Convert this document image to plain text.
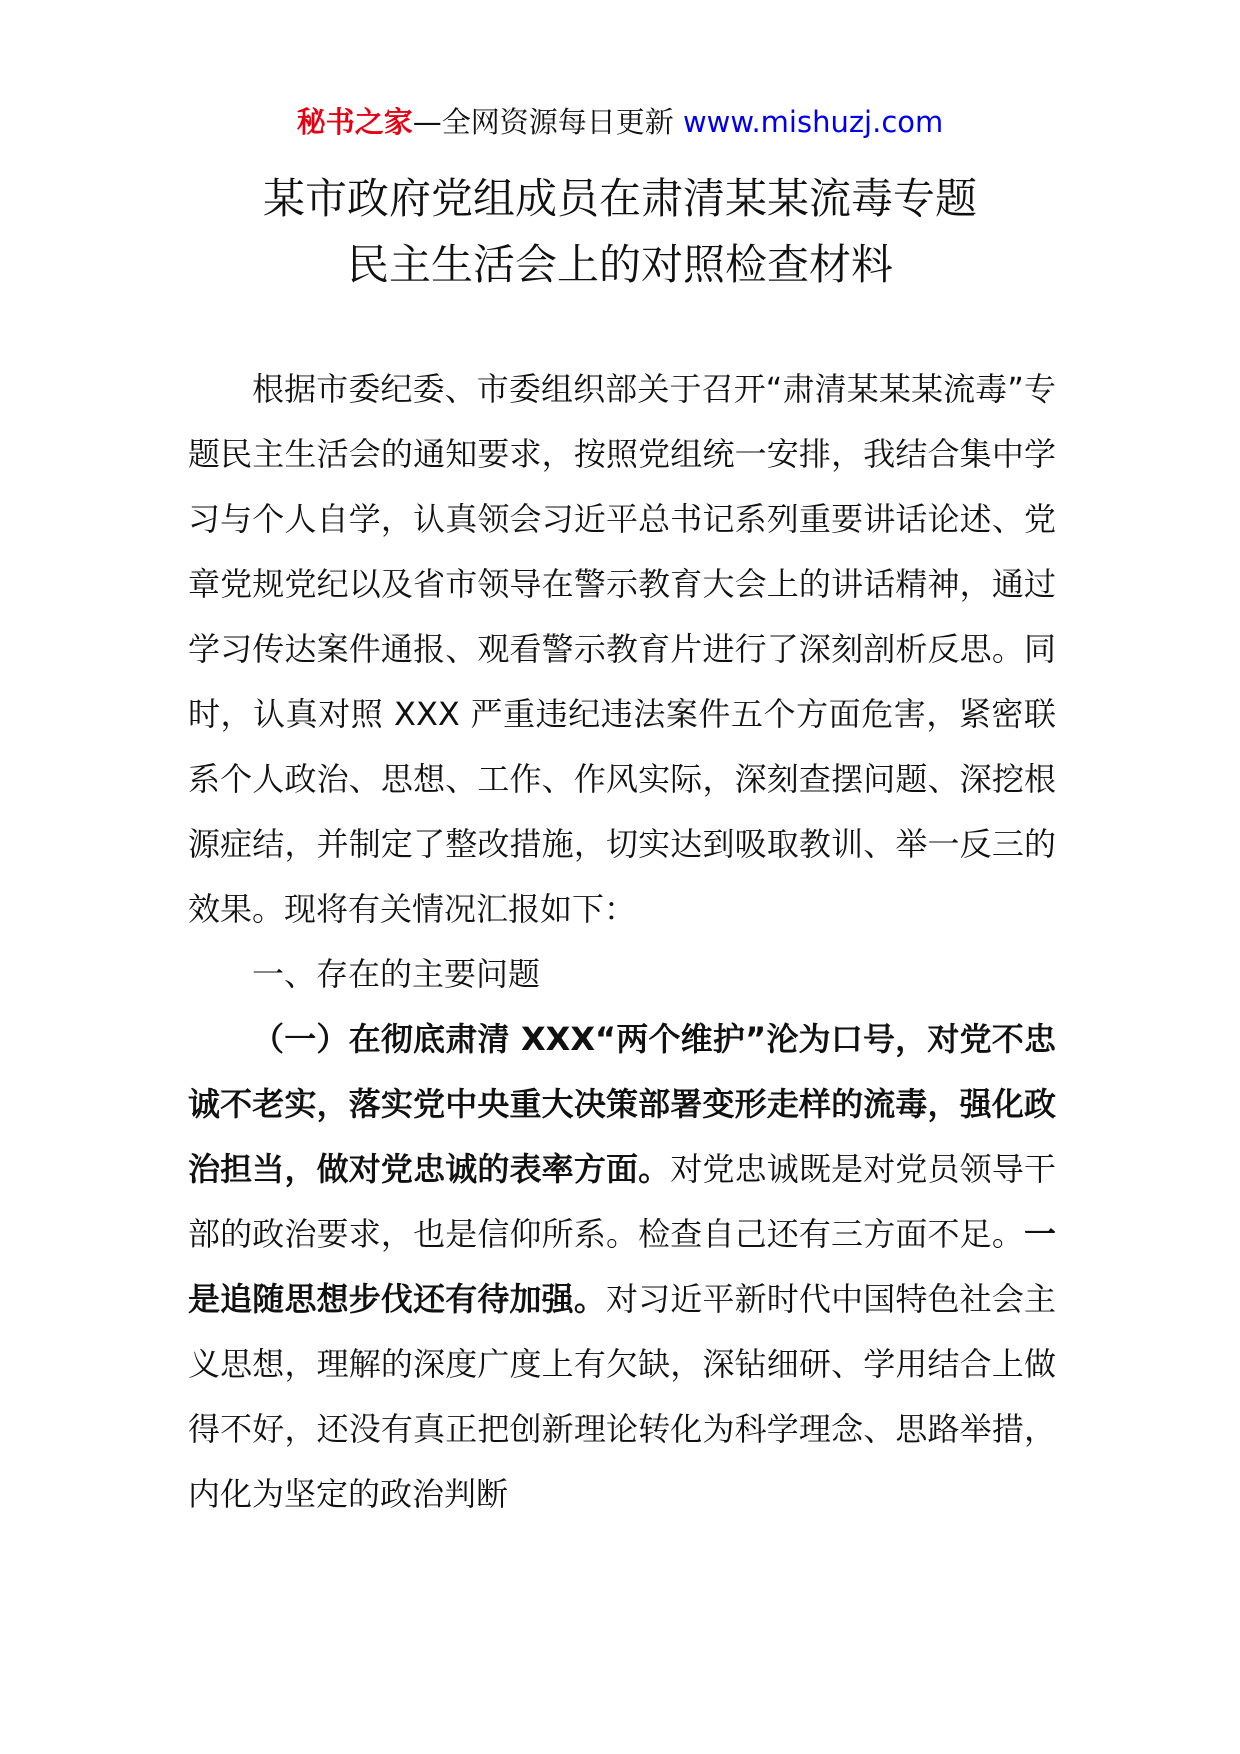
秘书之家—全网资源每日更新 www.mishuzj.com
某市政府党组成员在肃清某某流毒专题
民主生活会上的对照检查材料

根据市委纪委、市委组织部关于召开“肃清某某某流毒”专题民主生活会的通知要求，按照党组统一安排，我结合集中学习与个人自学，认真领会习近平总书记系列重要讲话论述、党章党规党纪以及省市领导在警示教育大会上的讲话精神，通过学习传达案件通报、观看警示教育片进行了深刻剖析反思。同时，认真对照 XXX 严重违纪违法案件五个方面危害，紧密联系个人政治、思想、工作、作风实际，深刻查摆问题、深挖根源症结，并制定了整改措施，切实达到吸取教训、举一反三的效果。现将有关情况汇报如下：

一、存在的主要问题

（一）在彻底肃清 XXX“两个维护”沦为口号，对党不忠诚不老实，落实党中央重大决策部署变形走样的流毒，强化政治担当，做对党忠诚的表率方面。对党忠诚既是对党员领导干部的政治要求，也是信仰所系。检查自己还有三方面不足。一是追随思想步伐还有待加强。对习近平新时代中国特色社会主义思想，理解的深度广度上有欠缺，深钻细研、学用结合上做得不好，还没有真正把创新理论转化为科学理念、思路举措，内化为坚定的政治判断
